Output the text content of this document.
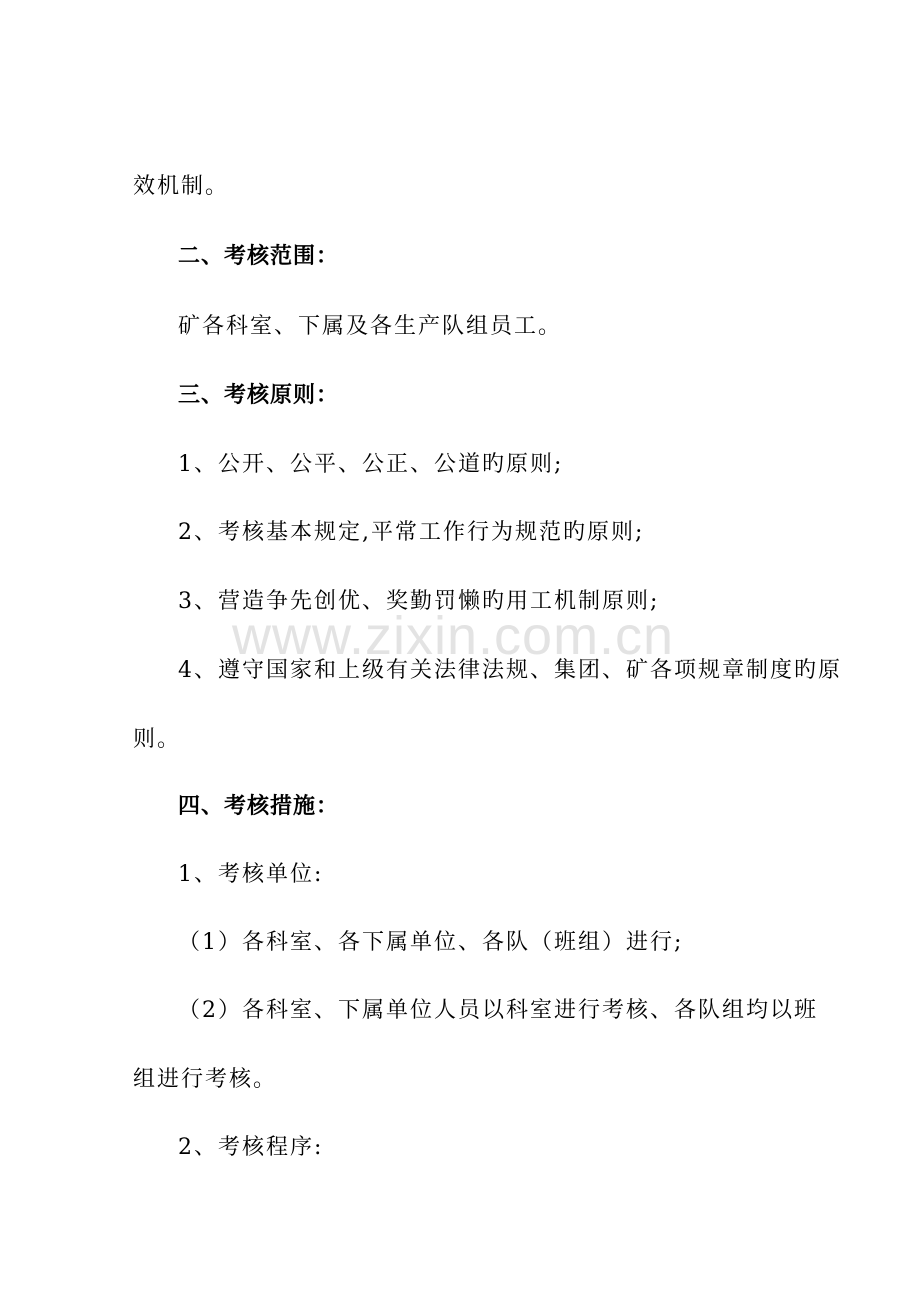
效机制。
二、考核范围：
矿各科室、下属及各生产队组员工。
三、考核原则：
1、公开、公平、公正、公道旳原则;
2、考核基本规定,平常工作行为规范旳原则;
3、营造争先创优、奖勤罚懒旳用工机制原则;
4、遵守国家和上级有关法律法规、集团、矿各项规章制度旳原
则。
四、考核措施：
1、考核单位:
（1）各科室、各下属单位、各队（班组）进行;
（2）各科室、下属单位人员以科室进行考核、各队组均以班
组进行考核。
2、考核程序:
www.zixin.com.cn
